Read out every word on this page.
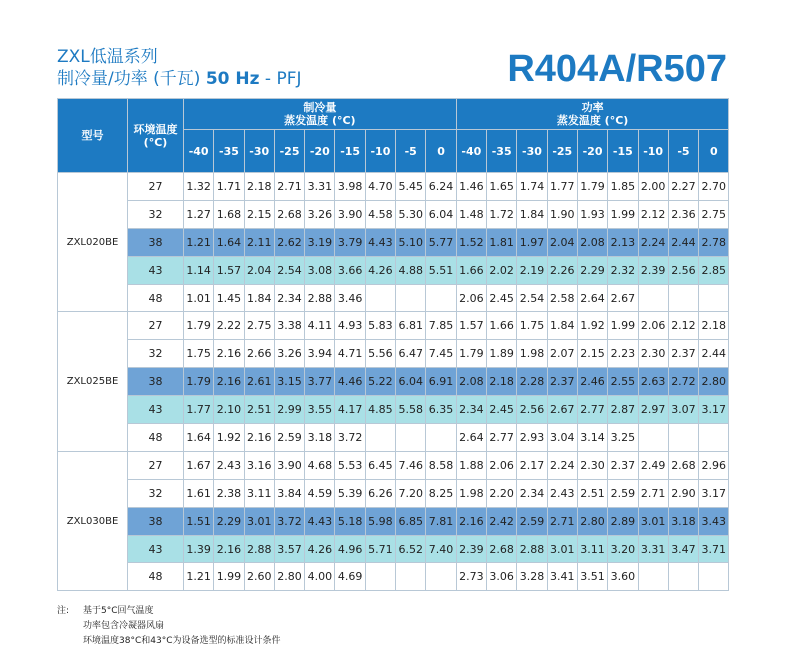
ZXL低温系列
制冷量/功率 (千瓦) 50 Hz - PFJ	R404A/R507
型号	环境温度
(°C)	制冷量
蒸发温度 (°C)									功率
蒸发温度 (°C)								
		-40	-35	-30	-25	-20	-15	-10	-5	0	-40	-35	-30	-25	-20	-15	-10	-5	0
ZXL020BE	27	1.32	1.71	2.18	2.71	3.31	3.98	4.70	5.45	6.24	1.46	1.65	1.74	1.77	1.79	1.85	2.00	2.27	2.70
	32	1.27	1.68	2.15	2.68	3.26	3.90	4.58	5.30	6.04	1.48	1.72	1.84	1.90	1.93	1.99	2.12	2.36	2.75
	38	1.21	1.64	2.11	2.62	3.19	3.79	4.43	5.10	5.77	1.52	1.81	1.97	2.04	2.08	2.13	2.24	2.44	2.78
	43	1.14	1.57	2.04	2.54	3.08	3.66	4.26	4.88	5.51	1.66	2.02	2.19	2.26	2.29	2.32	2.39	2.56	2.85
	48	1.01	1.45	1.84	2.34	2.88	3.46				2.06	2.45	2.54	2.58	2.64	2.67			
ZXL025BE	27	1.79	2.22	2.75	3.38	4.11	4.93	5.83	6.81	7.85	1.57	1.66	1.75	1.84	1.92	1.99	2.06	2.12	2.18
	32	1.75	2.16	2.66	3.26	3.94	4.71	5.56	6.47	7.45	1.79	1.89	1.98	2.07	2.15	2.23	2.30	2.37	2.44
	38	1.79	2.16	2.61	3.15	3.77	4.46	5.22	6.04	6.91	2.08	2.18	2.28	2.37	2.46	2.55	2.63	2.72	2.80
	43	1.77	2.10	2.51	2.99	3.55	4.17	4.85	5.58	6.35	2.34	2.45	2.56	2.67	2.77	2.87	2.97	3.07	3.17
	48	1.64	1.92	2.16	2.59	3.18	3.72				2.64	2.77	2.93	3.04	3.14	3.25			
ZXL030BE	27	1.67	2.43	3.16	3.90	4.68	5.53	6.45	7.46	8.58	1.88	2.06	2.17	2.24	2.30	2.37	2.49	2.68	2.96
	32	1.61	2.38	3.11	3.84	4.59	5.39	6.26	7.20	8.25	1.98	2.20	2.34	2.43	2.51	2.59	2.71	2.90	3.17
	38	1.51	2.29	3.01	3.72	4.43	5.18	5.98	6.85	7.81	2.16	2.42	2.59	2.71	2.80	2.89	3.01	3.18	3.43
	43	1.39	2.16	2.88	3.57	4.26	4.96	5.71	6.52	7.40	2.39	2.68	2.88	3.01	3.11	3.20	3.31	3.47	3.71
	48	1.21	1.99	2.60	2.80	4.00	4.69				2.73	3.06	3.28	3.41	3.51	3.60			
注: 基于5°C回气温度
功率包含冷凝器风扇
环境温度38°C和43°C为设备选型的标准设计条件
